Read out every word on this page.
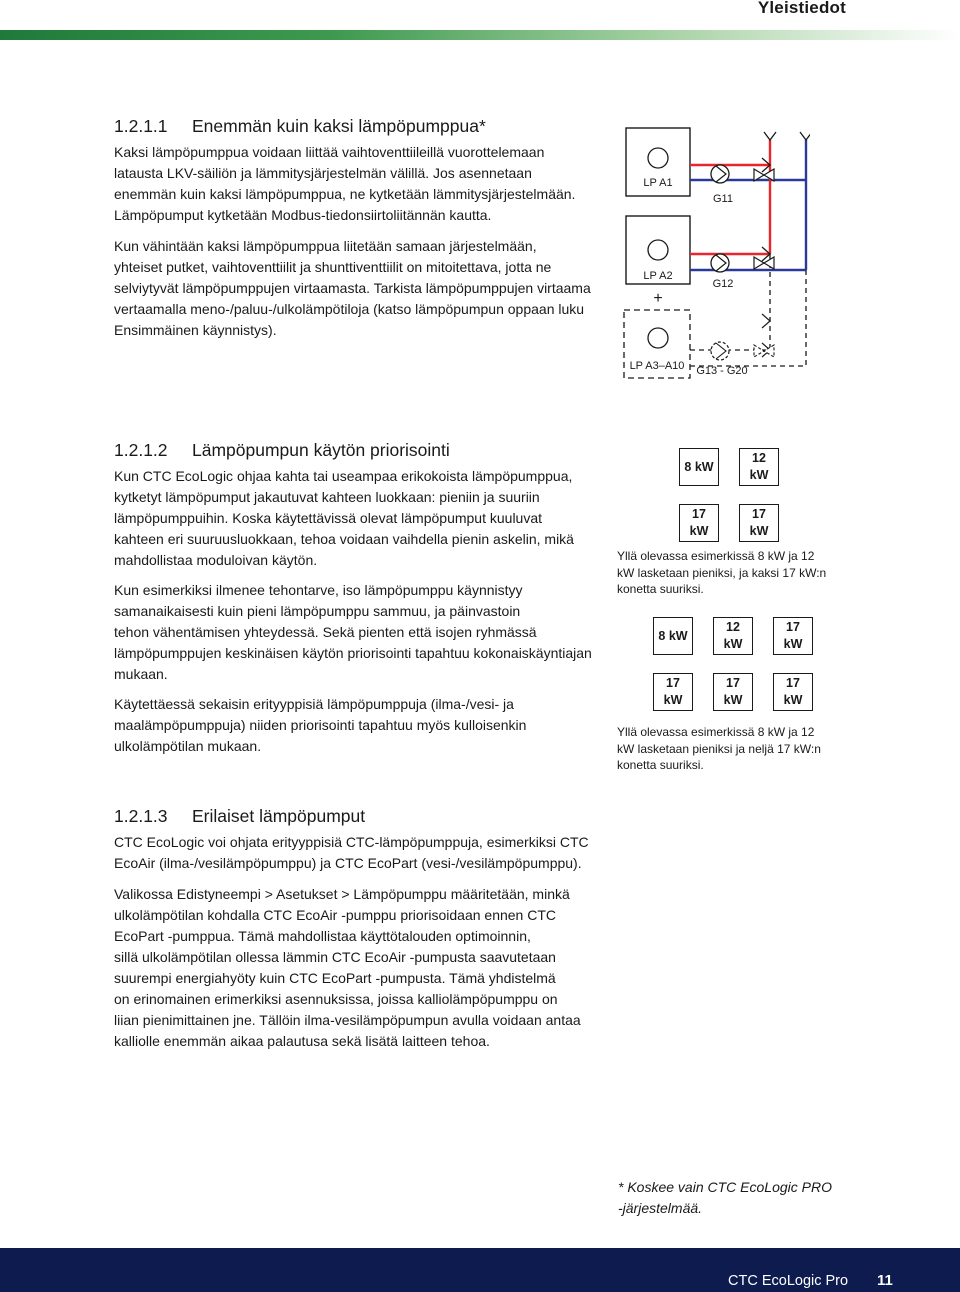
Yleistiedot
1.2.1.1 Enemmän kuin kaksi lämpöpumppua*

Kaksi lämpöpumppua voidaan liittää vaihtoventtiileillä vuorottelemaan
latausta LKV-säiliön ja lämmitysjärjestelmän välillä. Jos asennetaan
enemmän kuin kaksi lämpöpumppua, ne kytketään lämmitysjärjestelmään.
Lämpöpumput kytketään Modbus-tiedonsiirtoliitännän kautta.

Kun vähintään kaksi lämpöpumppua liitetään samaan järjestelmään,
yhteiset putket, vaihtoventtiilit ja shunttiventtiilit on mitoitettava, jotta ne
selviytyvät lämpöpumppujen virtaamasta. Tarkista lämpöpumppujen virtaama
vertaamalla meno-/paluu-/ulkolämpötiloja (katso lämpöpumpun oppaan luku
Ensimmäinen käynnistys).

LP A1
LP A2
+
LP A3–A10
G11
G12
G13 - G20
1.2.1.2 Lämpöpumpun käytön priorisointi

Kun CTC EcoLogic ohjaa kahta tai useampaa erikokoista lämpöpumppua,
kytketyt lämpöpumput jakautuvat kahteen luokkaan: pieniin ja suuriin
lämpöpumppuihin. Koska käytettävissä olevat lämpöpumput kuuluvat
kahteen eri suuruusluokkaan, tehoa voidaan vaihdella pienin askelin, mikä
mahdollistaa moduloivan käytön.

Kun esimerkiksi ilmenee tehontarve, iso lämpöpumppu käynnistyy
samanaikaisesti kuin pieni lämpöpumppu sammuu, ja päinvastoin
tehon vähentämisen yhteydessä. Sekä pienten että isojen ryhmässä
lämpöpumppujen keskinäisen käytön priorisointi tapahtuu kokonaiskäyntiajan
mukaan.

Käytettäessä sekaisin erityyppisiä lämpöpumppuja (ilma-/vesi- ja
maalämpöpumppuja) niiden priorisointi tapahtuu myös kulloisenkin
ulkolämpötilan mukaan.

8 kW
12
kW
17
kW
17
kW

Yllä olevassa esimerkissä 8 kW ja 12
kW lasketaan pieniksi, ja kaksi 17 kW:n
konetta suuriksi.

8 kW
12
kW
17
kW
17
kW
17
kW
17
kW

Yllä olevassa esimerkissä 8 kW ja 12
kW lasketaan pieniksi ja neljä 17 kW:n
konetta suuriksi.

1.2.1.3 Erilaiset lämpöpumput

CTC EcoLogic voi ohjata erityyppisiä CTC-lämpöpumppuja, esimerkiksi CTC
EcoAir (ilma-/vesilämpöpumppu) ja CTC EcoPart (vesi-/vesilämpöpumppu).

Valikossa Edistyneempi > Asetukset > Lämpöpumppu määritetään, minkä
ulkolämpötilan kohdalla CTC EcoAir -pumppu priorisoidaan ennen CTC
EcoPart -pumppua. Tämä mahdollistaa käyttötalouden optimoinnin,
sillä ulkolämpötilan ollessa lämmin CTC EcoAir -pumpusta saavutetaan
suurempi energiahyöty kuin CTC EcoPart -pumpusta. Tämä yhdistelmä
on erinomainen erimerkiksi asennuksissa, joissa kalliolämpöpumppu on
liian pienimittainen jne. Tällöin ilma-vesilämpöpumpun avulla voidaan antaa
kalliolle enemmän aikaa palautusa sekä lisätä laitteen tehoa.

* Koskee vain CTC EcoLogic PRO
-järjestelmää.

CTC EcoLogic Pro 11
